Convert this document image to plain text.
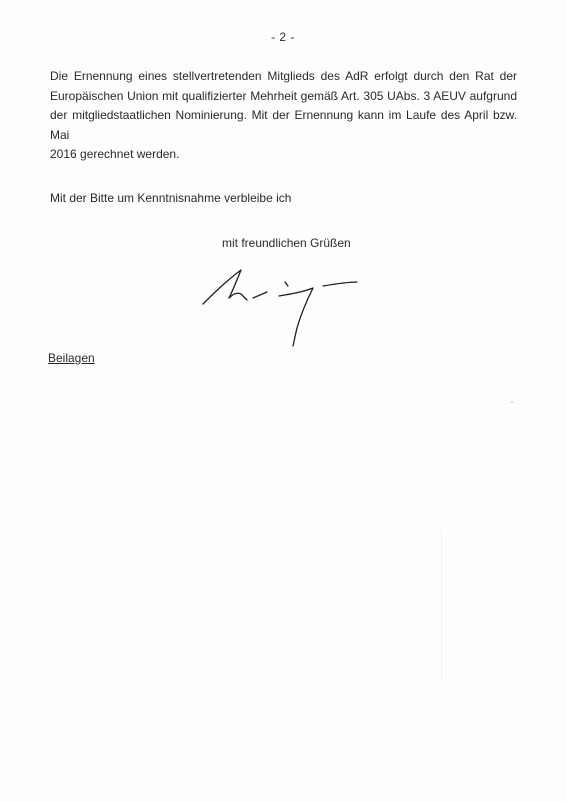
- 2 -
Die Ernennung eines stellvertretenden Mitglieds des AdR erfolgt durch den Rat der
Europäischen Union mit qualifizierter Mehrheit gemäß Art. 305 UAbs. 3 AEUV aufgrund
der mitgliedstaatlichen Nominierung. Mit der Ernennung kann im Laufe des April bzw. Mai
2016 gerechnet werden.

Mit der Bitte um Kenntnisnahme verbleibe ich

mit freundlichen Grüßen

Beilagen
